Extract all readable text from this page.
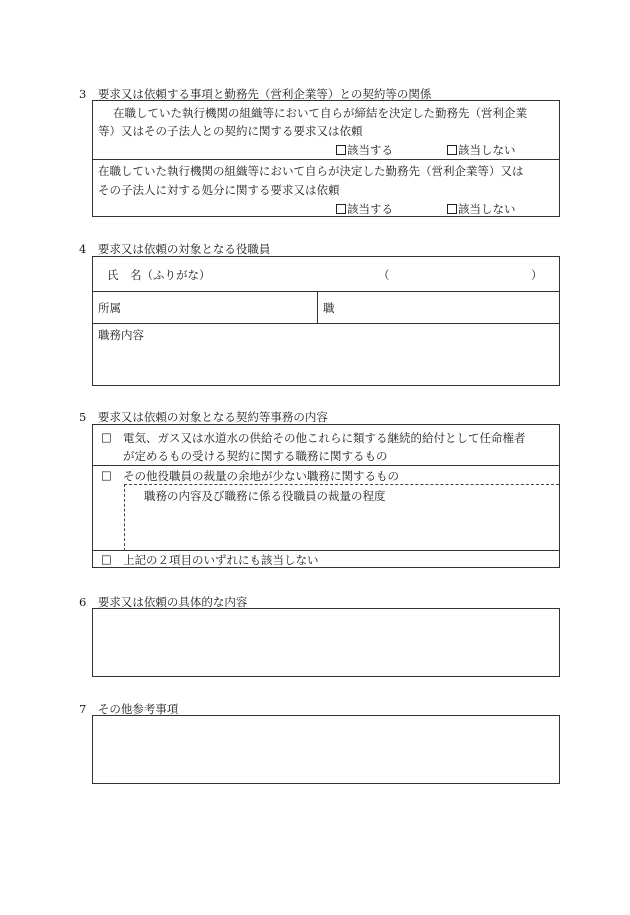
3　要求又は依頼する事項と勤務先（営利企業等）との契約等の関係
在職していた執行機関の組織等において自らが締結を決定した勤務先（営利企業
等）又はその子法人との契約に関する要求又は依頼
該当する	該当しない
在職していた執行機関の組織等において自らが決定した勤務先（営利企業等）又は
その子法人に対する処分に関する要求又は依頼
該当する	該当しない
4　要求又は依頼の対象となる役職員
氏　名（ふりがな）	（	）
所属	職
職務内容
5　要求又は依頼の対象となる契約等事務の内容
□ 電気、ガス又は水道水の供給その他これらに類する継続的給付として任命権者
が定めるもの受ける契約に関する職務に関するもの
□ その他役職員の裁量の余地が少ない職務に関するもの
職務の内容及び職務に係る役職員の裁量の程度
□ 上記の２項目のいずれにも該当しない
6　要求又は依頼の具体的な内容
7　その他参考事項
